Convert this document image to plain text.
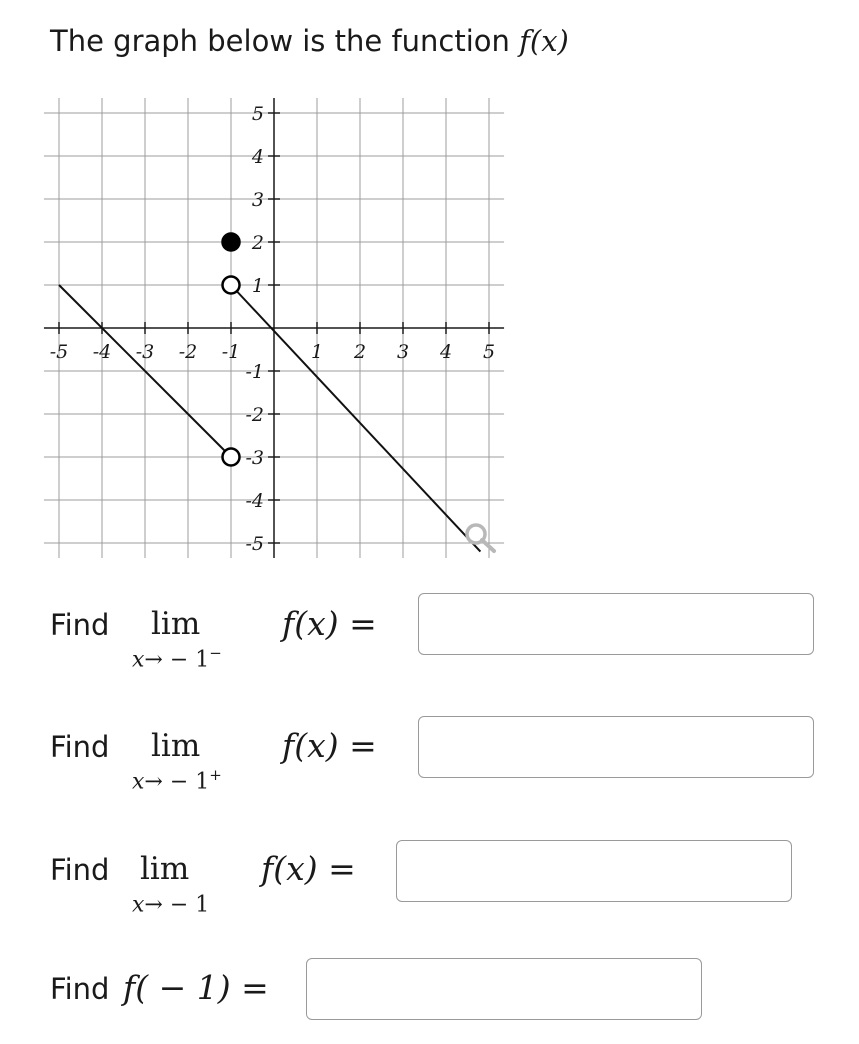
The graph below is the function f(x)
-5 -4 -3 -2 -1	1 2 3 4 5
5
4
3
2
1
-1
-2
-3
-4
-5
Find lim
x→ − 1−
f(x) =
Find lim
x→ − 1+
f(x) =
Find lim
x→ − 1
f(x) =
Find f( − 1) =
